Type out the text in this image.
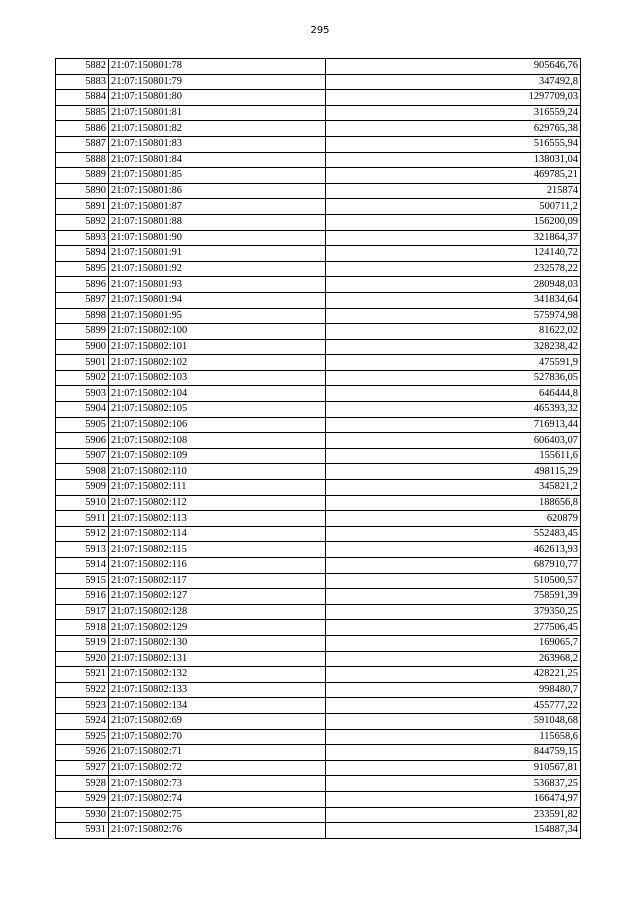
295
5882	21:07:150801:78	905646,76
5883	21:07:150801:79	347492,8
5884	21:07:150801:80	1297709,03
5885	21:07:150801:81	316559,24
5886	21:07:150801:82	629765,38
5887	21:07:150801:83	516555,94
5888	21:07:150801:84	138031,04
5889	21:07:150801:85	469785,21
5890	21:07:150801:86	215874
5891	21:07:150801:87	500711,2
5892	21:07:150801:88	156200,09
5893	21:07:150801:90	321864,37
5894	21:07:150801:91	124140,72
5895	21:07:150801:92	232578,22
5896	21:07:150801:93	280948,03
5897	21:07:150801:94	341834,64
5898	21:07:150801:95	575974,98
5899	21:07:150802:100	81622,02
5900	21:07:150802:101	328238,42
5901	21:07:150802:102	475591,9
5902	21:07:150802:103	527836,05
5903	21:07:150802:104	646444,8
5904	21:07:150802:105	465393,32
5905	21:07:150802:106	716913,44
5906	21:07:150802:108	606403,07
5907	21:07:150802:109	155611,6
5908	21:07:150802:110	498115,29
5909	21:07:150802:111	345821,2
5910	21:07:150802:112	188656,8
5911	21:07:150802:113	620879
5912	21:07:150802:114	552483,45
5913	21:07:150802:115	462613,93
5914	21:07:150802:116	687910,77
5915	21:07:150802:117	510500,57
5916	21:07:150802:127	758591,39
5917	21:07:150802:128	379350,25
5918	21:07:150802:129	277506,45
5919	21:07:150802:130	169065,7
5920	21:07:150802:131	263968,2
5921	21:07:150802:132	428221,25
5922	21:07:150802:133	998480,7
5923	21:07:150802:134	455777,22
5924	21:07:150802:69	591048,68
5925	21:07:150802:70	115658,6
5926	21:07:150802:71	844759,15
5927	21:07:150802:72	910567,81
5928	21:07:150802:73	536837,25
5929	21:07:150802:74	166474,97
5930	21:07:150802:75	233591,82
5931	21:07:150802:76	154887,34
